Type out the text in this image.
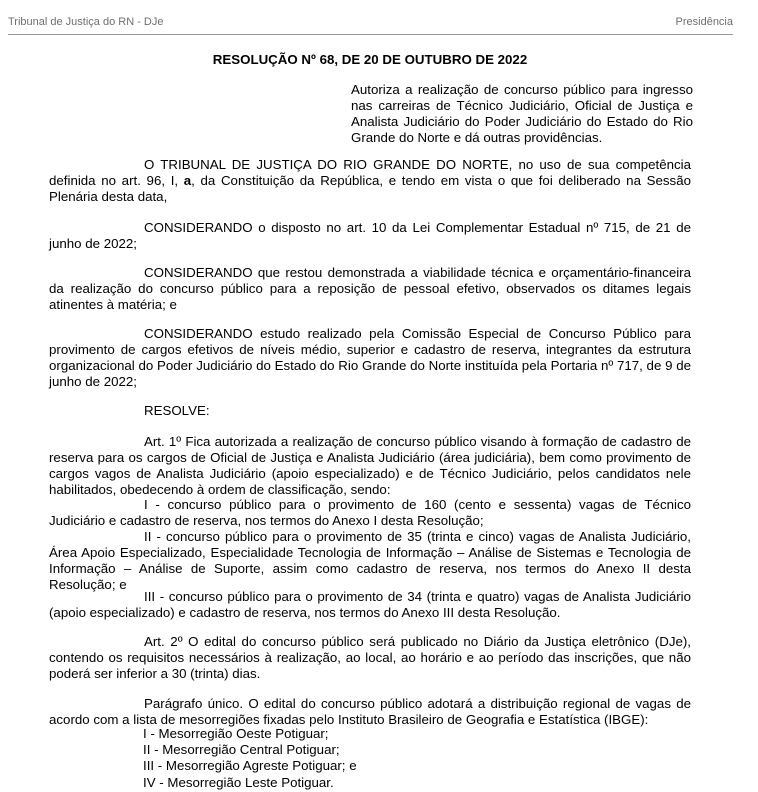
Tribunal de Justiça do RN - DJe	Presidência
RESOLUÇÃO Nº 68, DE 20 DE OUTUBRO DE 2022
Autoriza a realização de concurso público para ingresso nas carreiras de Técnico Judiciário, Oficial de Justiça e Analista Judiciário do Poder Judiciário do Estado do Rio Grande do Norte e dá outras providências.
O TRIBUNAL DE JUSTIÇA DO RIO GRANDE DO NORTE, no uso de sua competência definida no art. 96, I, a, da Constituição da República, e tendo em vista o que foi deliberado na Sessão Plenária desta data,
CONSIDERANDO o disposto no art. 10 da Lei Complementar Estadual nº 715, de 21 de junho de 2022;
CONSIDERANDO que restou demonstrada a viabilidade técnica e orçamentário-financeira da realização do concurso público para a reposição de pessoal efetivo, observados os ditames legais atinentes à matéria; e
CONSIDERANDO estudo realizado pela Comissão Especial de Concurso Público para provimento de cargos efetivos de níveis médio, superior e cadastro de reserva, integrantes da estrutura organizacional do Poder Judiciário do Estado do Rio Grande do Norte instituída pela Portaria nº 717, de 9 de junho de 2022;
RESOLVE:
Art. 1º Fica autorizada a realização de concurso público visando à formação de cadastro de reserva para os cargos de Oficial de Justiça e Analista Judiciário (área judiciária), bem como provimento de cargos vagos de Analista Judiciário (apoio especializado) e de Técnico Judiciário, pelos candidatos nele habilitados, obedecendo à ordem de classificação, sendo:
I - concurso público para o provimento de 160 (cento e sessenta) vagas de Técnico Judiciário e cadastro de reserva, nos termos do Anexo I desta Resolução;
II - concurso público para o provimento de 35 (trinta e cinco) vagas de Analista Judiciário, Área Apoio Especializado, Especialidade Tecnologia de Informação – Análise de Sistemas e Tecnologia de Informação – Análise de Suporte, assim como cadastro de reserva, nos termos do Anexo II desta Resolução; e
III - concurso público para o provimento de 34 (trinta e quatro) vagas de Analista Judiciário (apoio especializado) e cadastro de reserva, nos termos do Anexo III desta Resolução.
Art. 2º O edital do concurso público será publicado no Diário da Justiça eletrônico (DJe), contendo os requisitos necessários à realização, ao local, ao horário e ao período das inscrições, que não poderá ser inferior a 30 (trinta) dias.
Parágrafo único. O edital do concurso público adotará a distribuição regional de vagas de acordo com a lista de mesorregiões fixadas pelo Instituto Brasileiro de Geografia e Estatística (IBGE):
I - Mesorregião Oeste Potiguar;
II - Mesorregião Central Potiguar;
III - Mesorregião Agreste Potiguar; e
IV - Mesorregião Leste Potiguar.
